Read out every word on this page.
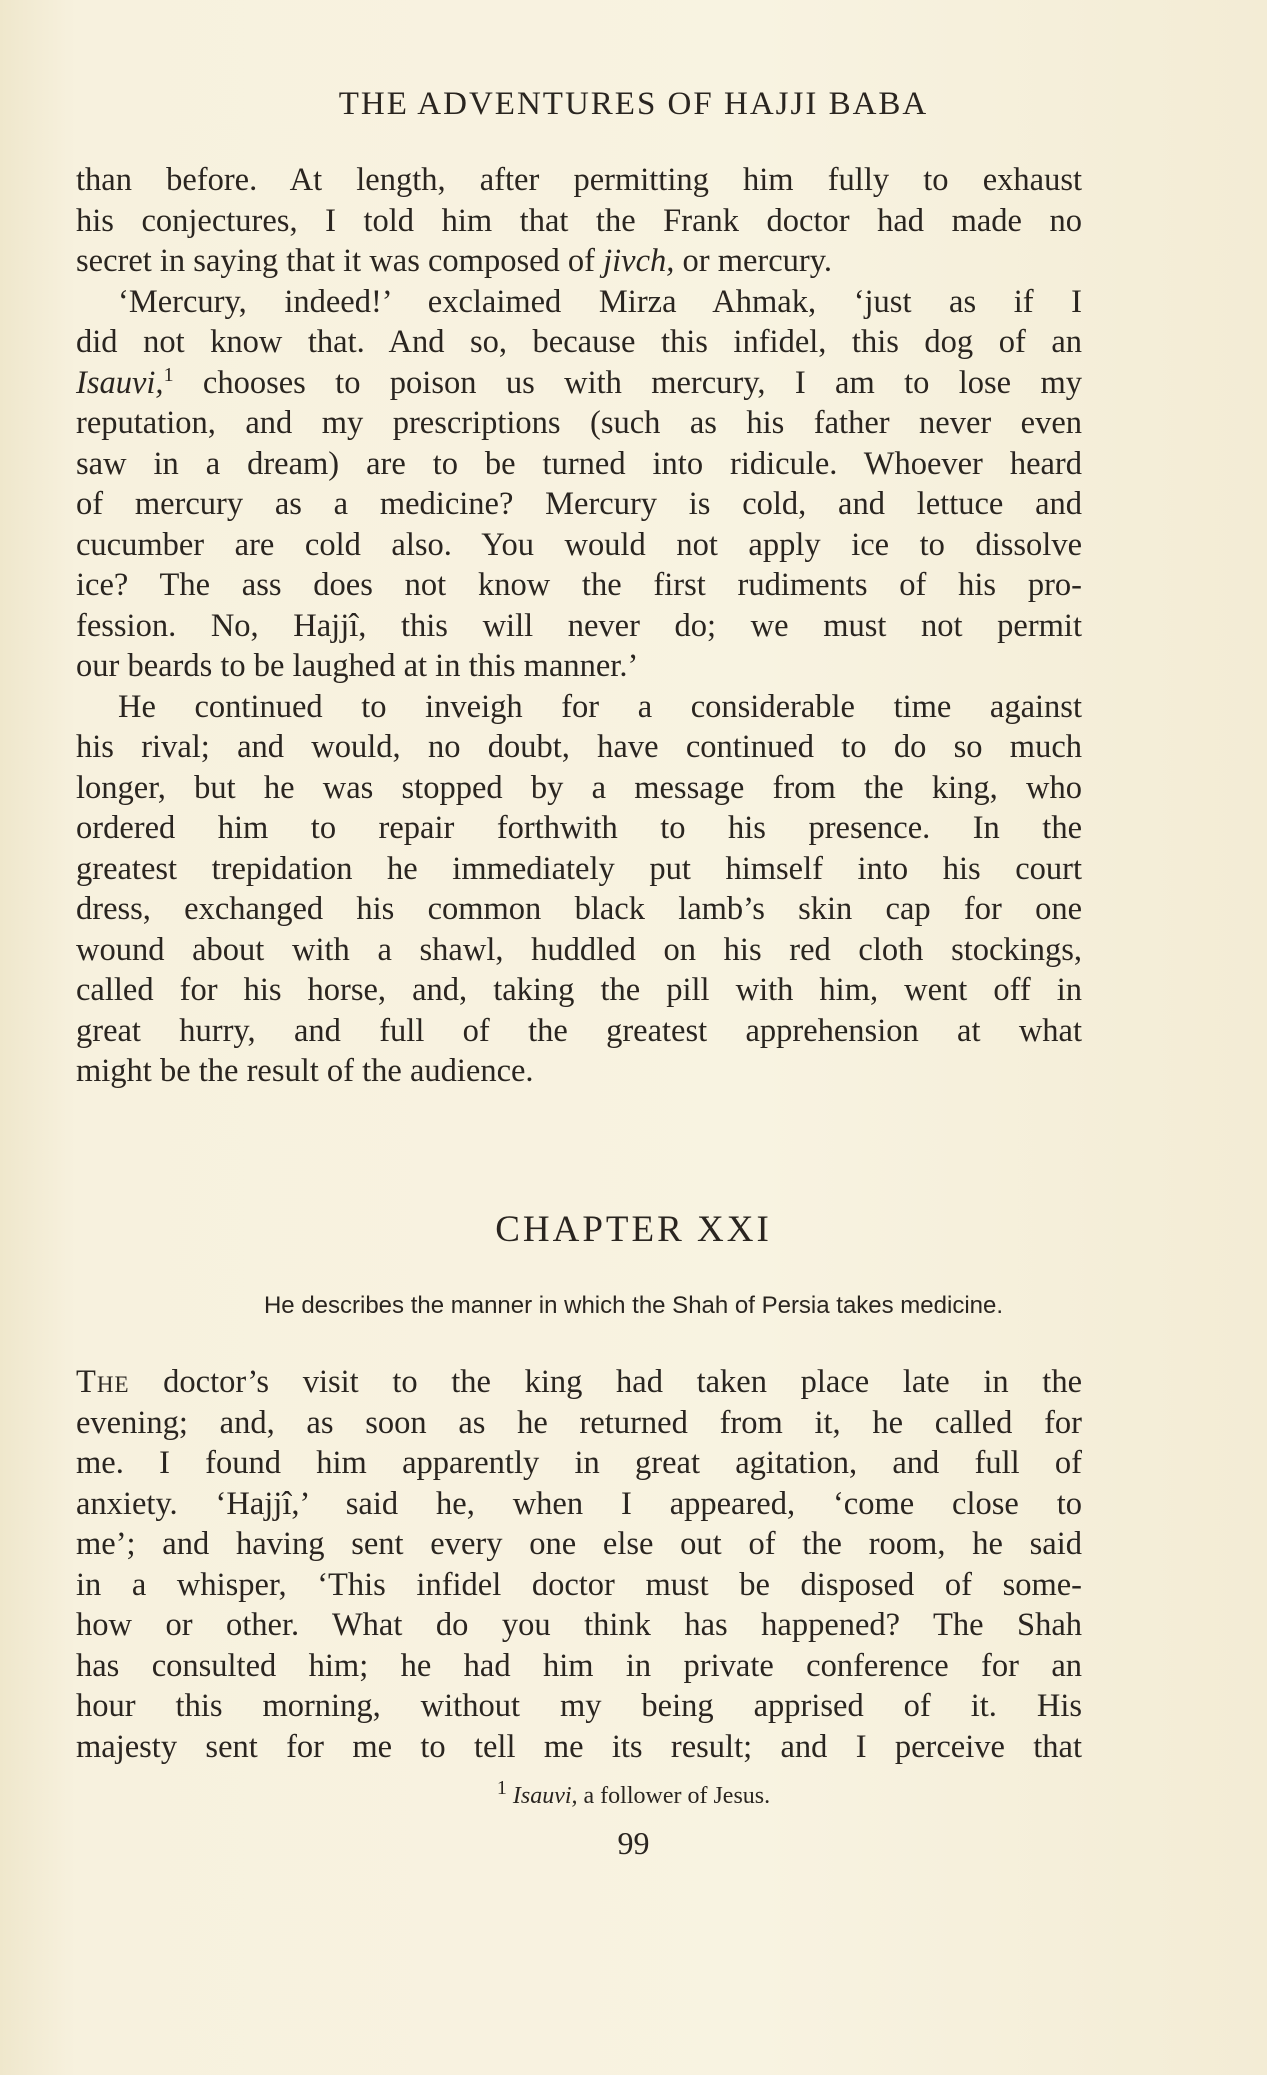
THE ADVENTURES OF HAJJI BABA
than before. At length, after permitting him fully to exhaust
his conjectures, I told him that the Frank doctor had made no
secret in saying that it was composed of jivch, or mercury.
‘Mercury, indeed!’ exclaimed Mirza Ahmak, ‘just as if I
did not know that. And so, because this infidel, this dog of an
Isauvi,$^1$ chooses to poison us with mercury, I am to lose my
reputation, and my prescriptions (such as his father never even
saw in a dream) are to be turned into ridicule. Whoever heard
of mercury as a medicine? Mercury is cold, and lettuce and
cucumber are cold also. You would not apply ice to dissolve
ice? The ass does not know the first rudiments of his pro-
fession. No, Hajjî, this will never do; we must not permit
our beards to be laughed at in this manner.’
He continued to inveigh for a considerable time against
his rival; and would, no doubt, have continued to do so much
longer, but he was stopped by a message from the king, who
ordered him to repair forthwith to his presence. In the
greatest trepidation he immediately put himself into his court
dress, exchanged his common black lamb’s skin cap for one
wound about with a shawl, huddled on his red cloth stockings,
called for his horse, and, taking the pill with him, went off in
great hurry, and full of the greatest apprehension at what
might be the result of the audience.
CHAPTER XXI
He describes the manner in which the Shah of Persia takes medicine.
The doctor’s visit to the king had taken place late in the
evening; and, as soon as he returned from it, he called for
me. I found him apparently in great agitation, and full of
anxiety. ‘Hajjî,’ said he, when I appeared, ‘come close to
me’; and having sent every one else out of the room, he said
in a whisper, ‘This infidel doctor must be disposed of some-
how or other. What do you think has happened? The Shah
has consulted him; he had him in private conference for an
hour this morning, without my being apprised of it. His
majesty sent for me to tell me its result; and I perceive that
$^1$ Isauvi, a follower of Jesus.
99
